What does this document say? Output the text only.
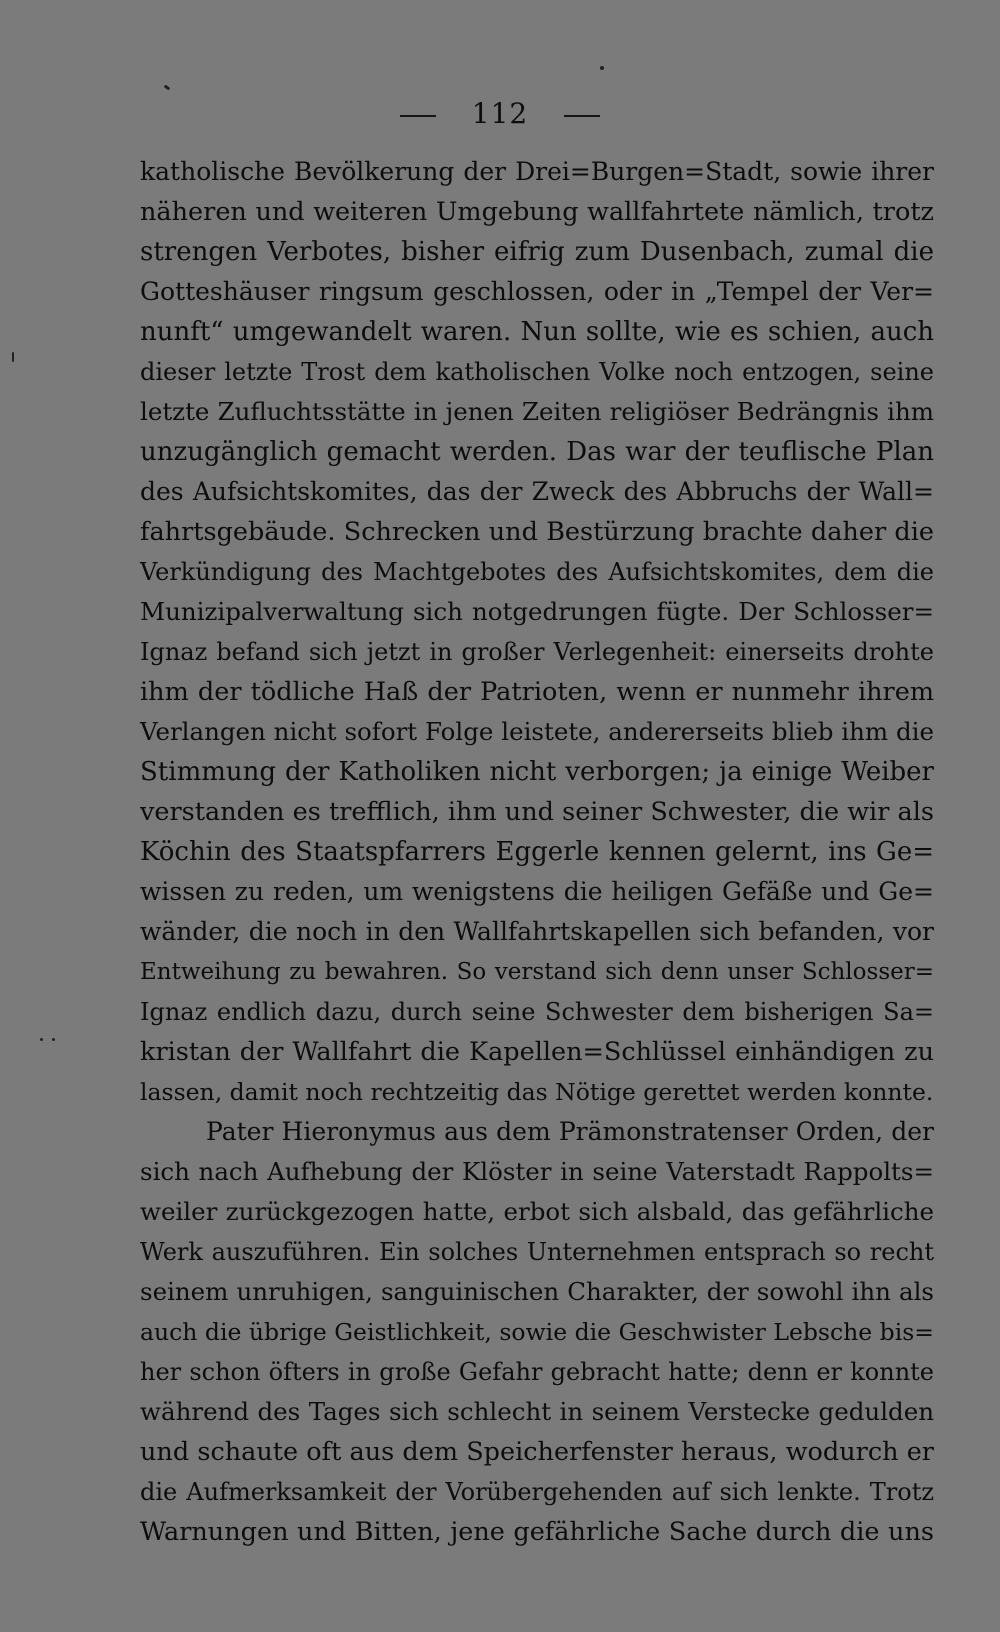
112
katholische Bevölkerung der Drei=Burgen=Stadt, sowie ihrer
näheren und weiteren Umgebung wallfahrtete nämlich, trotz
strengen Verbotes, bisher eifrig zum Dusenbach, zumal die
Gotteshäuser ringsum geschlossen, oder in „Tempel der Ver=
nunft“ umgewandelt waren. Nun sollte, wie es schien, auch
dieser letzte Trost dem katholischen Volke noch entzogen, seine
letzte Zufluchtsstätte in jenen Zeiten religiöser Bedrängnis ihm
unzugänglich gemacht werden. Das war der teuflische Plan
des Aufsichtskomites, das der Zweck des Abbruchs der Wall=
fahrtsgebäude. Schrecken und Bestürzung brachte daher die
Verkündigung des Machtgebotes des Aufsichtskomites, dem die
Munizipalverwaltung sich notgedrungen fügte. Der Schlosser=
Ignaz befand sich jetzt in großer Verlegenheit: einerseits drohte
ihm der tödliche Haß der Patrioten, wenn er nunmehr ihrem
Verlangen nicht sofort Folge leistete, andererseits blieb ihm die
Stimmung der Katholiken nicht verborgen; ja einige Weiber
verstanden es trefflich, ihm und seiner Schwester, die wir als
Köchin des Staatspfarrers Eggerle kennen gelernt, ins Ge=
wissen zu reden, um wenigstens die heiligen Gefäße und Ge=
wänder, die noch in den Wallfahrtskapellen sich befanden, vor
Entweihung zu bewahren. So verstand sich denn unser Schlosser=
Ignaz endlich dazu, durch seine Schwester dem bisherigen Sa=
kristan der Wallfahrt die Kapellen=Schlüssel einhändigen zu
lassen, damit noch rechtzeitig das Nötige gerettet werden konnte.
Pater Hieronymus aus dem Prämonstratenser Orden, der
sich nach Aufhebung der Klöster in seine Vaterstadt Rappolts=
weiler zurückgezogen hatte, erbot sich alsbald, das gefährliche
Werk auszuführen. Ein solches Unternehmen entsprach so recht
seinem unruhigen, sanguinischen Charakter, der sowohl ihn als
auch die übrige Geistlichkeit, sowie die Geschwister Lebsche bis=
her schon öfters in große Gefahr gebracht hatte; denn er konnte
während des Tages sich schlecht in seinem Verstecke gedulden
und schaute oft aus dem Speicherfenster heraus, wodurch er
die Aufmerksamkeit der Vorübergehenden auf sich lenkte. Trotz
Warnungen und Bitten, jene gefährliche Sache durch die uns
